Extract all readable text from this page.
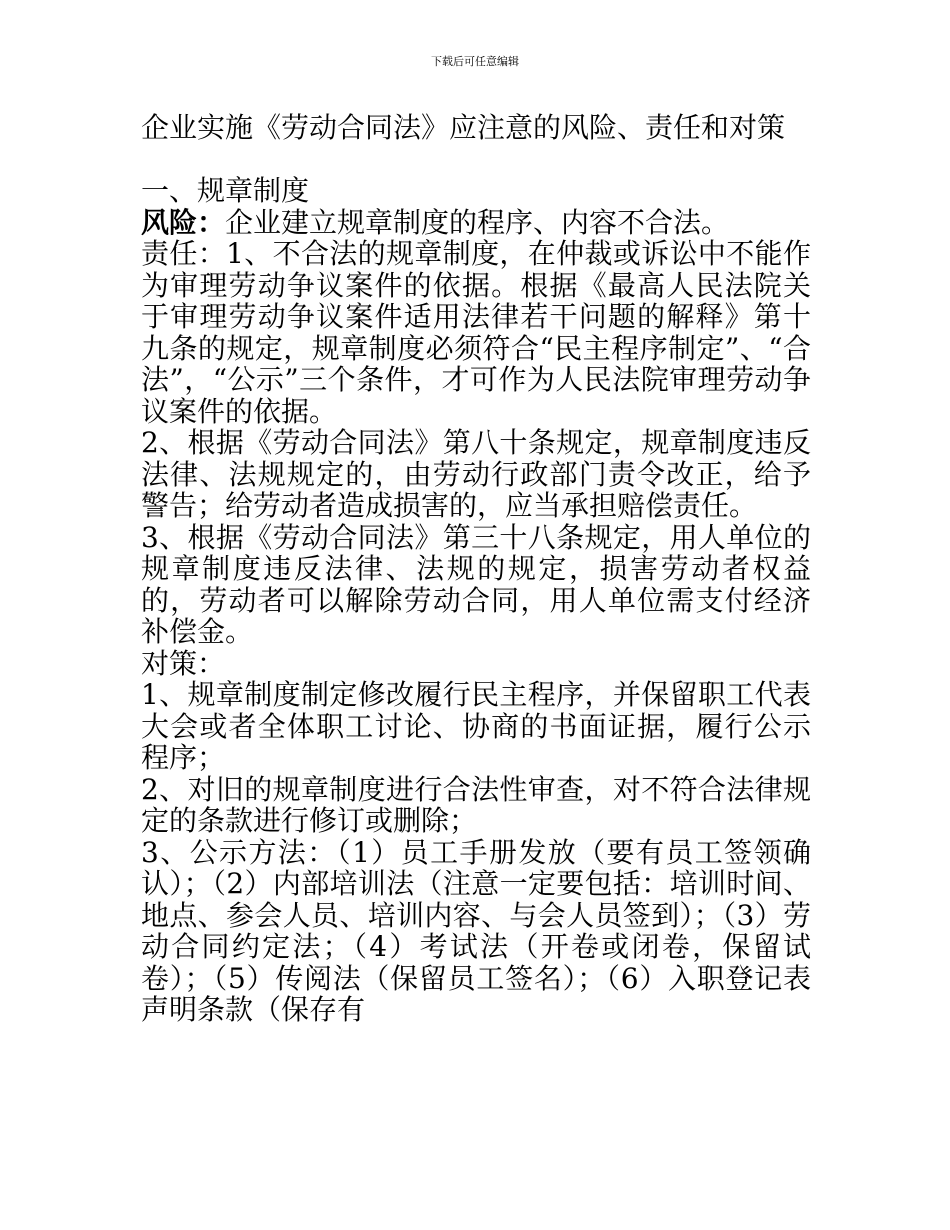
下载后可任意编辑
企业实施《劳动合同法》应注意的风险、责任和对策

一、规章制度

风险：企业建立规章制度的程序、内容不合法。

责任：1、不合法的规章制度，在仲裁或诉讼中不能作为审理劳动争议案件的依据。根据《最高人民法院关于审理劳动争议案件适用法律若干问题的解释》第十九条的规定，规章制度必须符合“民主程序制定”、“合法”，“公示”三个条件，才可作为人民法院审理劳动争议案件的依据。

2、根据《劳动合同法》第八十条规定，规章制度违反法律、法规规定的，由劳动行政部门责令改正，给予警告；给劳动者造成损害的，应当承担赔偿责任。

3、根据《劳动合同法》第三十八条规定，用人单位的规章制度违反法律、法规的规定，损害劳动者权益的，劳动者可以解除劳动合同，用人单位需支付经济补偿金。

对策：

1、规章制度制定修改履行民主程序，并保留职工代表大会或者全体职工讨论、协商的书面证据，履行公示程序；

2、对旧的规章制度进行合法性审查，对不符合法律规定的条款进行修订或删除；

3、公示方法：（1）员工手册发放（要有员工签领确认）；（2）内部培训法（注意一定要包括：培训时间、地点、参会人员、培训内容、与会人员签到）；（3）劳动合同约定法；（4）考试法（开卷或闭卷，保留试卷）；（5）传阅法（保留员工签名）；（6）入职登记表声明条款（保存有
